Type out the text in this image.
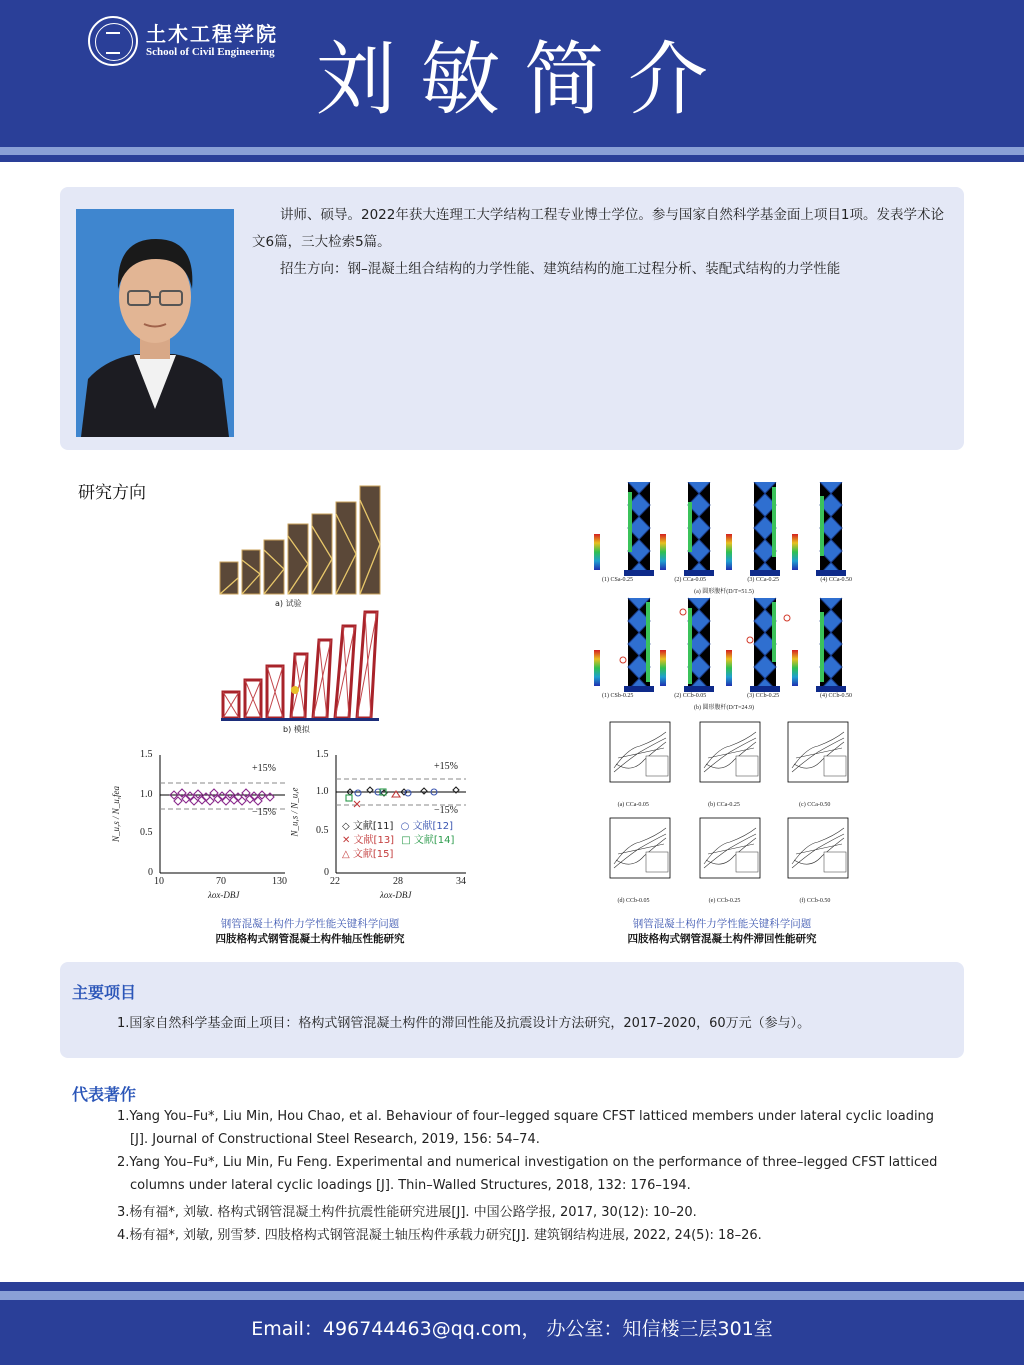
土木工程学院
School of Civil Engineering 刘敏简介

讲师、硕导。2022年获大连理工大学结构工程专业博士学位。参与国家自然科学基金面上项目1项。发表学术论文6篇，三大检索5篇。

招生方向：钢–混凝土组合结构的力学性能、建筑结构的施工过程分析、装配式结构的力学性能

研究方向
a) 试验
b) 模拟
1.5
1.0
0.5
0
10	70	130
+15%
−15%
N_u,s / N_u,fea
λox-DBJ
1.5
1.0
0.5
0
22	28	34
+15%
−15%
N_u,s / N_u,e
λox-DBJ
◇ 文献[11] ○ 文献[12]
✕ 文献[13] □ 文献[14]
△ 文献[15]
钢管混凝土构件力学性能关键科学问题
四肢格构式钢管混凝土构件轴压性能研究
(1) CSa-0.25	(2) CCa-0.05	(3) CCa-0.25	(4) CCa-0.50
(a) 圆形腹杆(D/T=51.5)
(1) CSb-0.25	(2) CCb-0.05	(3) CCb-0.25	(4) CCb-0.50
(b) 圆形腹杆(D/T=24.9)
(a) CCa-0.05	(b) CCa-0.25	(c) CCa-0.50
(d) CCb-0.05	(e) CCb-0.25	(f) CCb-0.50
钢管混凝土构件力学性能关键科学问题
四肢格构式钢管混凝土构件滞回性能研究
主要项目
1.国家自然科学基金面上项目：格构式钢管混凝土构件的滞回性能及抗震设计方法研究，2017–2020，60万元（参与）。
代表著作
1.Yang You–Fu*, Liu Min, Hou Chao, et al. Behaviour of four–legged square CFST latticed members under lateral cyclic loading
[J]. Journal of Constructional Steel Research, 2019, 156: 54–74.
2.Yang You–Fu*, Liu Min, Fu Feng. Experimental and numerical investigation on the performance of three–legged CFST latticed
columns under lateral cyclic loadings [J]. Thin–Walled Structures, 2018, 132: 176–194.
3.杨有福*, 刘敏. 格构式钢管混凝土构件抗震性能研究进展[J]. 中国公路学报, 2017, 30(12): 10–20.
4.杨有福*, 刘敏, 别雪梦. 四肢格构式钢管混凝土轴压构件承载力研究[J]. 建筑钢结构进展, 2022, 24(5): 18–26.
Email：496744463@qq.com， 办公室：知信楼三层301室
